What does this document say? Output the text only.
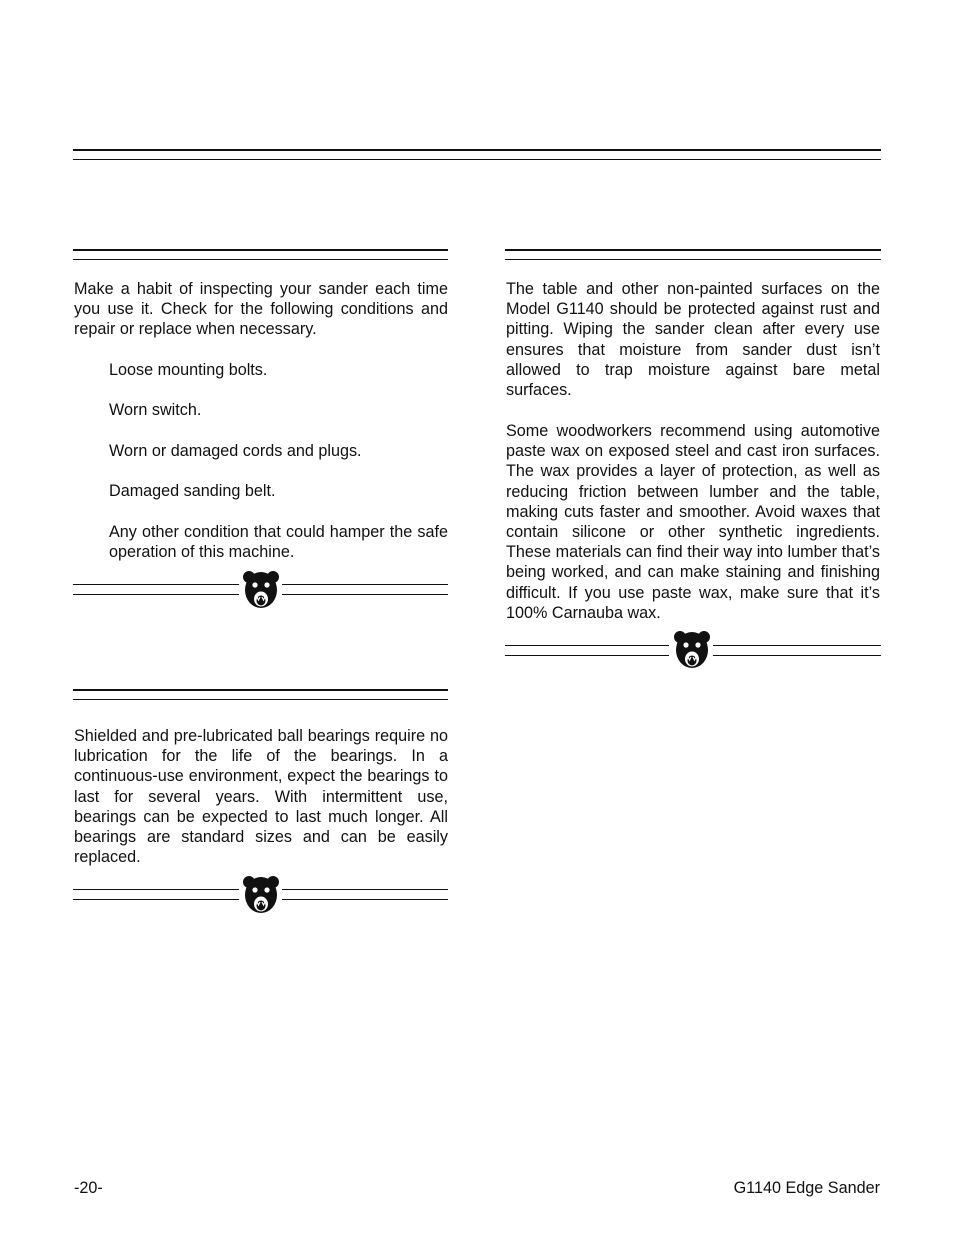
Make a habit of inspecting your sander each time you use it. Check for the following conditions and repair or replace when necessary.

Loose mounting bolts.

Worn switch.

Worn or damaged cords and plugs.

Damaged sanding belt.

Any other condition that could hamper the safe operation of this machine.

Shielded and pre-lubricated ball bearings require no lubrication for the life of the bearings. In a continuous-use environment, expect the bearings to last for several years. With intermittent use, bearings can be expected to last much longer. All bearings are standard sizes and can be easily replaced.

The table and other non-painted surfaces on the Model G1140 should be protected against rust and pitting. Wiping the sander clean after every use ensures that moisture from sander dust isn’t allowed to trap moisture against bare metal surfaces.

Some woodworkers recommend using automotive paste wax on exposed steel and cast iron surfaces. The wax provides a layer of protection, as well as reducing friction between lumber and the table, making cuts faster and smoother. Avoid waxes that contain silicone or other synthetic ingredients. These materials can find their way into lumber that’s being worked, and can make staining and finishing difficult. If you use paste wax, make sure that it’s 100% Carnauba wax.

-20-	G1140 Edge Sander
